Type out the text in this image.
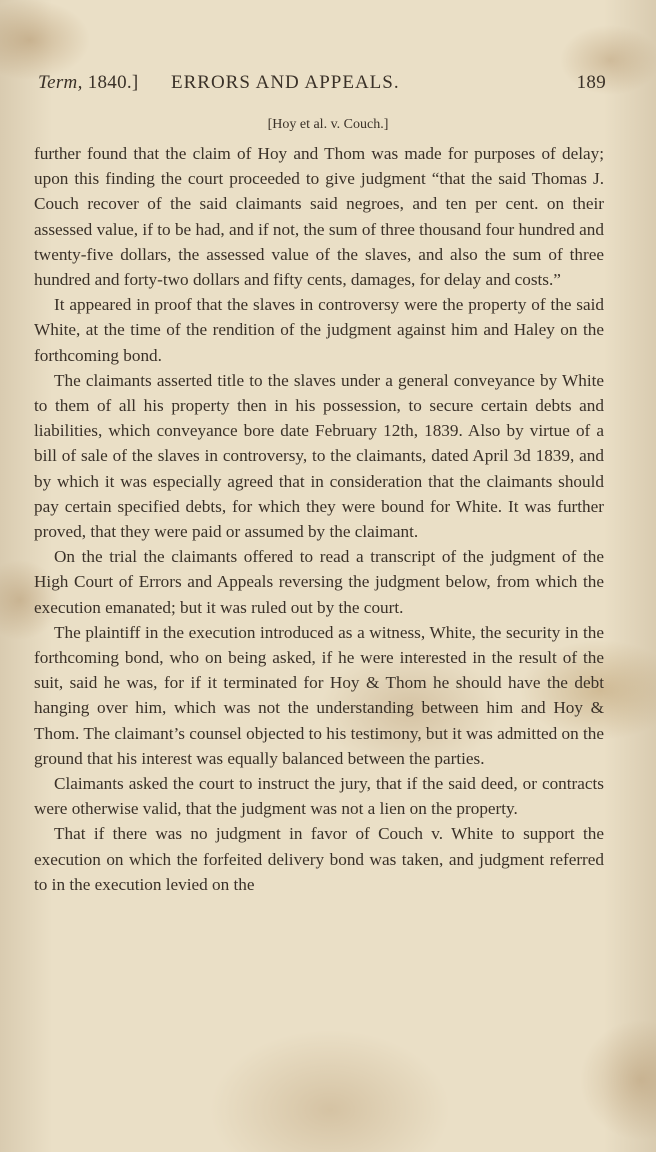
Term, 1840.] ERRORS AND APPEALS.	189
[Hoy et al. v. Couch.]

further found that the claim of Hoy and Thom was made for purposes of delay; upon this finding the court proceeded to give judgment “that the said Thomas J. Couch recover of the said claimants said negroes, and ten per cent. on their assessed value, if to be had, and if not, the sum of three thousand four hundred and twenty-five dollars, the assessed value of the slaves, and also the sum of three hundred and forty-two dollars and fifty cents, damages, for delay and costs.”

It appeared in proof that the slaves in controversy were the property of the said White, at the time of the rendition of the judgment against him and Haley on the forthcoming bond.

The claimants asserted title to the slaves under a general conveyance by White to them of all his property then in his possession, to secure certain debts and liabilities, which conveyance bore date February 12th, 1839. Also by virtue of a bill of sale of the slaves in controversy, to the claimants, dated April 3d 1839, and by which it was especially agreed that in consideration that the claimants should pay certain specified debts, for which they were bound for White. It was further proved, that they were paid or assumed by the claimant.

On the trial the claimants offered to read a transcript of the judgment of the High Court of Errors and Appeals reversing the judgment below, from which the execution emanated; but it was ruled out by the court.

The plaintiff in the execution introduced as a witness, White, the security in the forthcoming bond, who on being asked, if he were interested in the result of the suit, said he was, for if it terminated for Hoy & Thom he should have the debt hanging over him, which was not the understanding between him and Hoy & Thom. The claimant’s counsel objected to his testimony, but it was admitted on the ground that his interest was equally balanced between the parties.

Claimants asked the court to instruct the jury, that if the said deed, or contracts were otherwise valid, that the judgment was not a lien on the property.

That if there was no judgment in favor of Couch v. White to support the execution on which the forfeited delivery bond was taken, and judgment referred to in the execution levied on the
